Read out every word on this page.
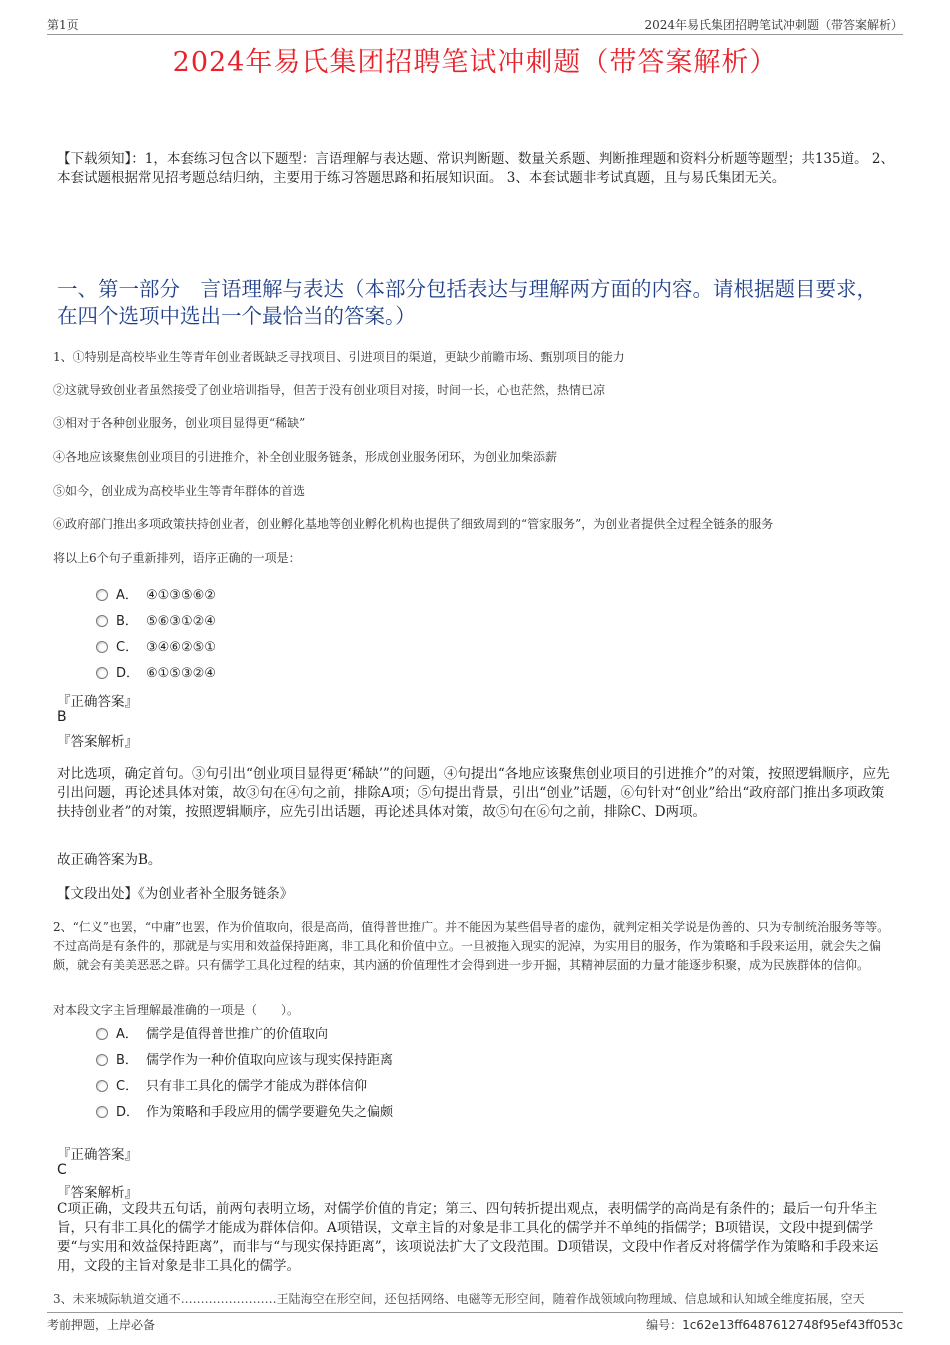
第1页	2024年易氏集团招聘笔试冲刺题（带答案解析）
2024年易氏集团招聘笔试冲刺题（带答案解析）
【下载须知】：1，本套练习包含以下题型：言语理解与表达题、常识判断题、数量关系题、判断推理题和资料分析题等题型；共135道。 2、本套试题根据常见招考题总结归纳，主要用于练习答题思路和拓展知识面。 3、本套试题非考试真题，且与易氏集团无关。
一、第一部分　言语理解与表达（本部分包括表达与理解两方面的内容。请根据题目要求，在四个选项中选出一个最恰当的答案。）
1、①特别是高校毕业生等青年创业者既缺乏寻找项目、引进项目的渠道，更缺少前瞻市场、甄别项目的能力
②这就导致创业者虽然接受了创业培训指导，但苦于没有创业项目对接，时间一长，心也茫然，热情已凉
③相对于各种创业服务，创业项目显得更“稀缺”
④各地应该聚焦创业项目的引进推介，补全创业服务链条，形成创业服务闭环，为创业加柴添薪
⑤如今，创业成为高校毕业生等青年群体的首选
⑥政府部门推出多项政策扶持创业者，创业孵化基地等创业孵化机构也提供了细致周到的“管家服务”，为创业者提供全过程全链条的服务
将以上6个句子重新排列，语序正确的一项是：
A． ④①③⑤⑥②
B． ⑤⑥③①②④
C． ③④⑥②⑤①
D． ⑥①⑤③②④
『正确答案』
B
『答案解析』
对比选项，确定首句。③句引出“创业项目显得更‘稀缺’”的问题，④句提出“各地应该聚焦创业项目的引进推介”的对策，按照逻辑顺序，应先引出问题，再论述具体对策，故③句在④句之前，排除A项；⑤句提出背景，引出“创业”话题，⑥句针对“创业”给出“政府部门推出多项政策扶持创业者”的对策，按照逻辑顺序，应先引出话题，再论述具体对策，故⑤句在⑥句之前，排除C、D两项。
故正确答案为B。
【文段出处】《为创业者补全服务链条》
2、“仁义”也罢，“中庸”也罢，作为价值取向，很是高尚，值得普世推广。并不能因为某些倡导者的虚伪，就判定相关学说是伪善的、只为专制统治服务等等。不过高尚是有条件的，那就是与实用和效益保持距离，非工具化和价值中立。一旦被拖入现实的泥淖，为实用目的服务，作为策略和手段来运用，就会失之偏颇，就会有美美恶恶之辟。只有儒学工具化过程的结束，其内涵的价值理性才会得到进一步开掘，其精神层面的力量才能逐步积聚，成为民族群体的信仰。
对本段文字主旨理解最准确的一项是（　　）。
A． 儒学是值得普世推广的价值取向
B． 儒学作为一种价值取向应该与现实保持距离
C． 只有非工具化的儒学才能成为群体信仰
D． 作为策略和手段应用的儒学要避免失之偏颇
『正确答案』
C
『答案解析』
C项正确，文段共五句话，前两句表明立场，对儒学价值的肯定；第三、四句转折提出观点，表明儒学的高尚是有条件的；最后一句升华主旨，只有非工具化的儒学才能成为群体信仰。A项错误，文章主旨的对象是非工具化的儒学并不单纯的指儒学；B项错误，文段中提到儒学要“与实用和效益保持距离”，而非与“与现实保持距离”，该项说法扩大了文段范围。D项错误，文段中作者反对将儒学作为策略和手段来运用，文段的主旨对象是非工具化的儒学。
3、未来城际轨道交通不……………………王陆海空在形空间，还包括网络、电磁等无形空间，随着作战领域向物理域、信息域和认知域全维度拓展，空天
考前押题，上岸必备	编号：1c62e13ff6487612748f95ef43ff053c
